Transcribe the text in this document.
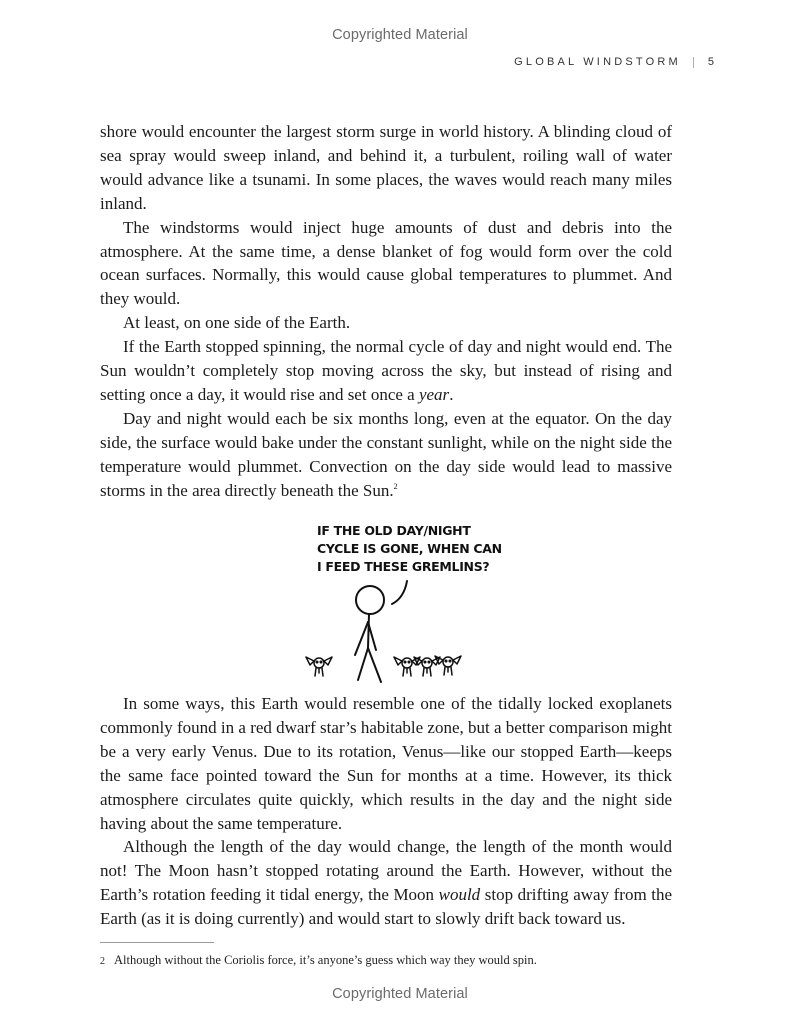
Copyrighted Material
GLOBAL WINDSTORM 5

shore would encounter the largest storm surge in world history. A blinding cloud of sea spray would sweep inland, and behind it, a turbulent, roiling wall of water would advance like a tsunami. In some places, the waves would reach many miles inland.

The windstorms would inject huge amounts of dust and debris into the atmosphere. At the same time, a dense blanket of fog would form over the cold ocean surfaces. Normally, this would cause global temperatures to plummet. And they would.

At least, on one side of the Earth.

If the Earth stopped spinning, the normal cycle of day and night would end. The Sun wouldn’t completely stop moving across the sky, but instead of rising and setting once a day, it would rise and set once a year.

Day and night would each be six months long, even at the equator. On the day side, the surface would bake under the constant sunlight, while on the night side the temperature would plummet. Convection on the day side would lead to massive storms in the area directly beneath the Sun.$^2$

IF THE OLD DAY/NIGHT
CYCLE IS GONE, WHEN CAN
I FEED THESE GREMLINS?

In some ways, this Earth would resemble one of the tidally locked exoplanets commonly found in a red dwarf star’s habitable zone, but a better comparison might be a very early Venus. Due to its rotation, Venus—like our stopped Earth—keeps the same face pointed toward the Sun for months at a time. However, its thick atmosphere circulates quite quickly, which results in the day and the night side having about the same temperature.

Although the length of the day would change, the length of the month would not! The Moon hasn’t stopped rotating around the Earth. However, without the Earth’s rotation feeding it tidal energy, the Moon would stop drifting away from the Earth (as it is doing currently) and would start to slowly drift back toward us.

2 Although without the Coriolis force, it’s anyone’s guess which way they would spin.
Copyrighted Material
